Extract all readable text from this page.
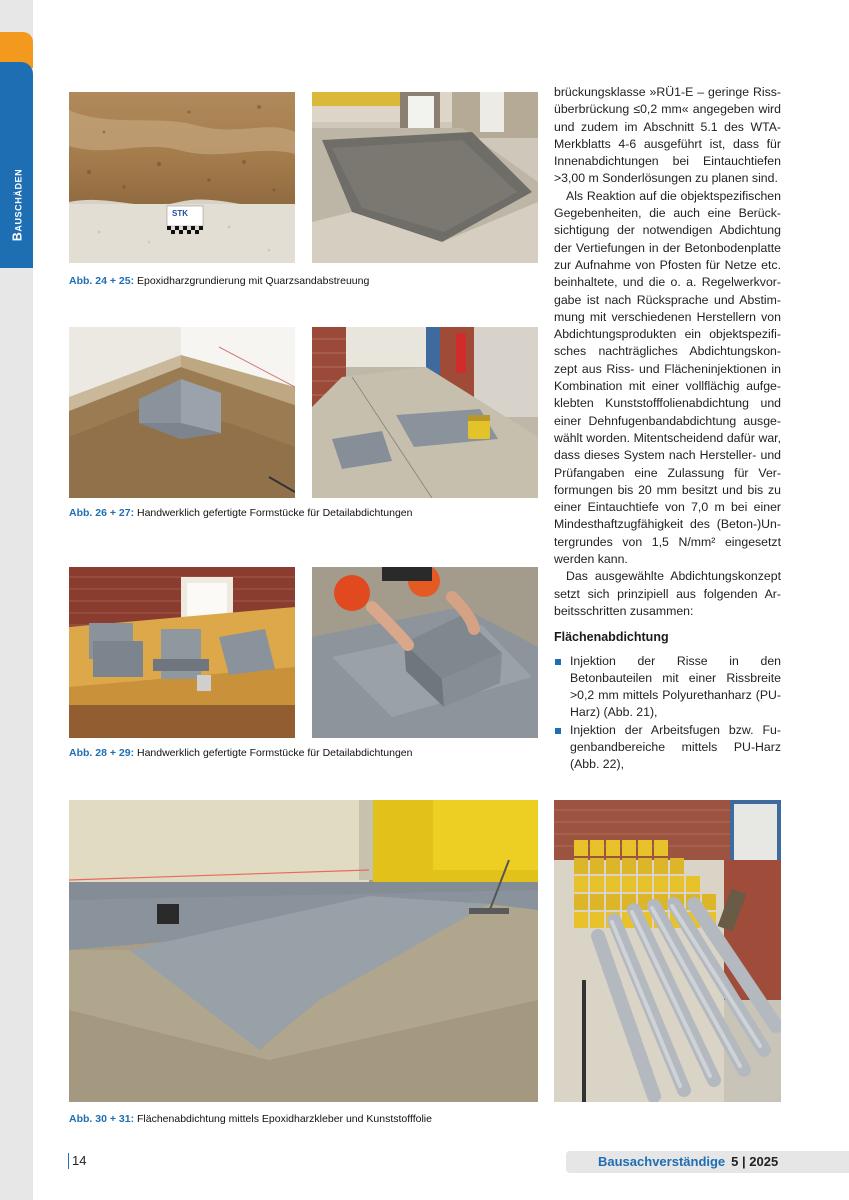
Bauschäden	STK
Abb. 24 + 25: Epoxidharzgrundierung mit Quarzsandabstreuung
Abb. 26 + 27: Handwerklich gefertigte Formstücke für Detailabdichtungen
Abb. 28 + 29: Handwerklich gefertigte Formstücke für Detailabdichtungen
Abb. 30 + 31: Flächenabdichtung mittels Epoxidharzkleber und Kunststofffolie

brückungsklasse »RÜ1-E – geringe Rissüberbrückung ≤0,2 mm« angegeben wird und zudem im Abschnitt 5.1 des WTA-Merkblatts 4-6 ausgeführt ist, dass für Innenabdichtungen bei Eintauchtiefen >3,00 m Sonderlösungen zu planen sind.

Als Reaktion auf die objektspezifischen Gegebenheiten, die auch eine Berücksichtigung der notwendigen Abdichtung der Vertiefungen in der Betonbodenplatte zur Aufnahme von Pfosten für Netze etc. beinhaltete, und die o. a. Regelwerkvorgabe ist nach Rücksprache und Abstimmung mit verschiedenen Herstellern von Abdichtungsprodukten ein objektspezifisches nachträgliches Abdichtungskonzept aus Riss- und Flächeninjektionen in Kombination mit einer vollflächig aufgeklebten Kunststofffolienabdichtung und einer Dehnfugenbandabdichtung ausgewählt worden. Mitentscheidend dafür war, dass dieses System nach Hersteller- und Prüfangaben eine Zulassung für Verformungen bis 20 mm besitzt und bis zu einer Eintauchtiefe von 7,0 m bei einer Mindesthaftzugfähigkeit des (Beton-)Untergrundes von 1,5 N/mm² eingesetzt werden kann.

Das ausgewählte Abdichtungskonzept setzt sich prinzipiell aus folgenden Arbeitsschritten zusammen:

Flächenabdichtung
Injektion der Risse in den Betonbauteilen mit einer Rissbreite >0,2 mm mittels Polyurethanharz (PU-Harz) (Abb. 21),
Injektion der Arbeitsfugen bzw. Fugenbandbereiche mittels PU-Harz (Abb. 22),
14	Bausachverständige 5 | 2025
